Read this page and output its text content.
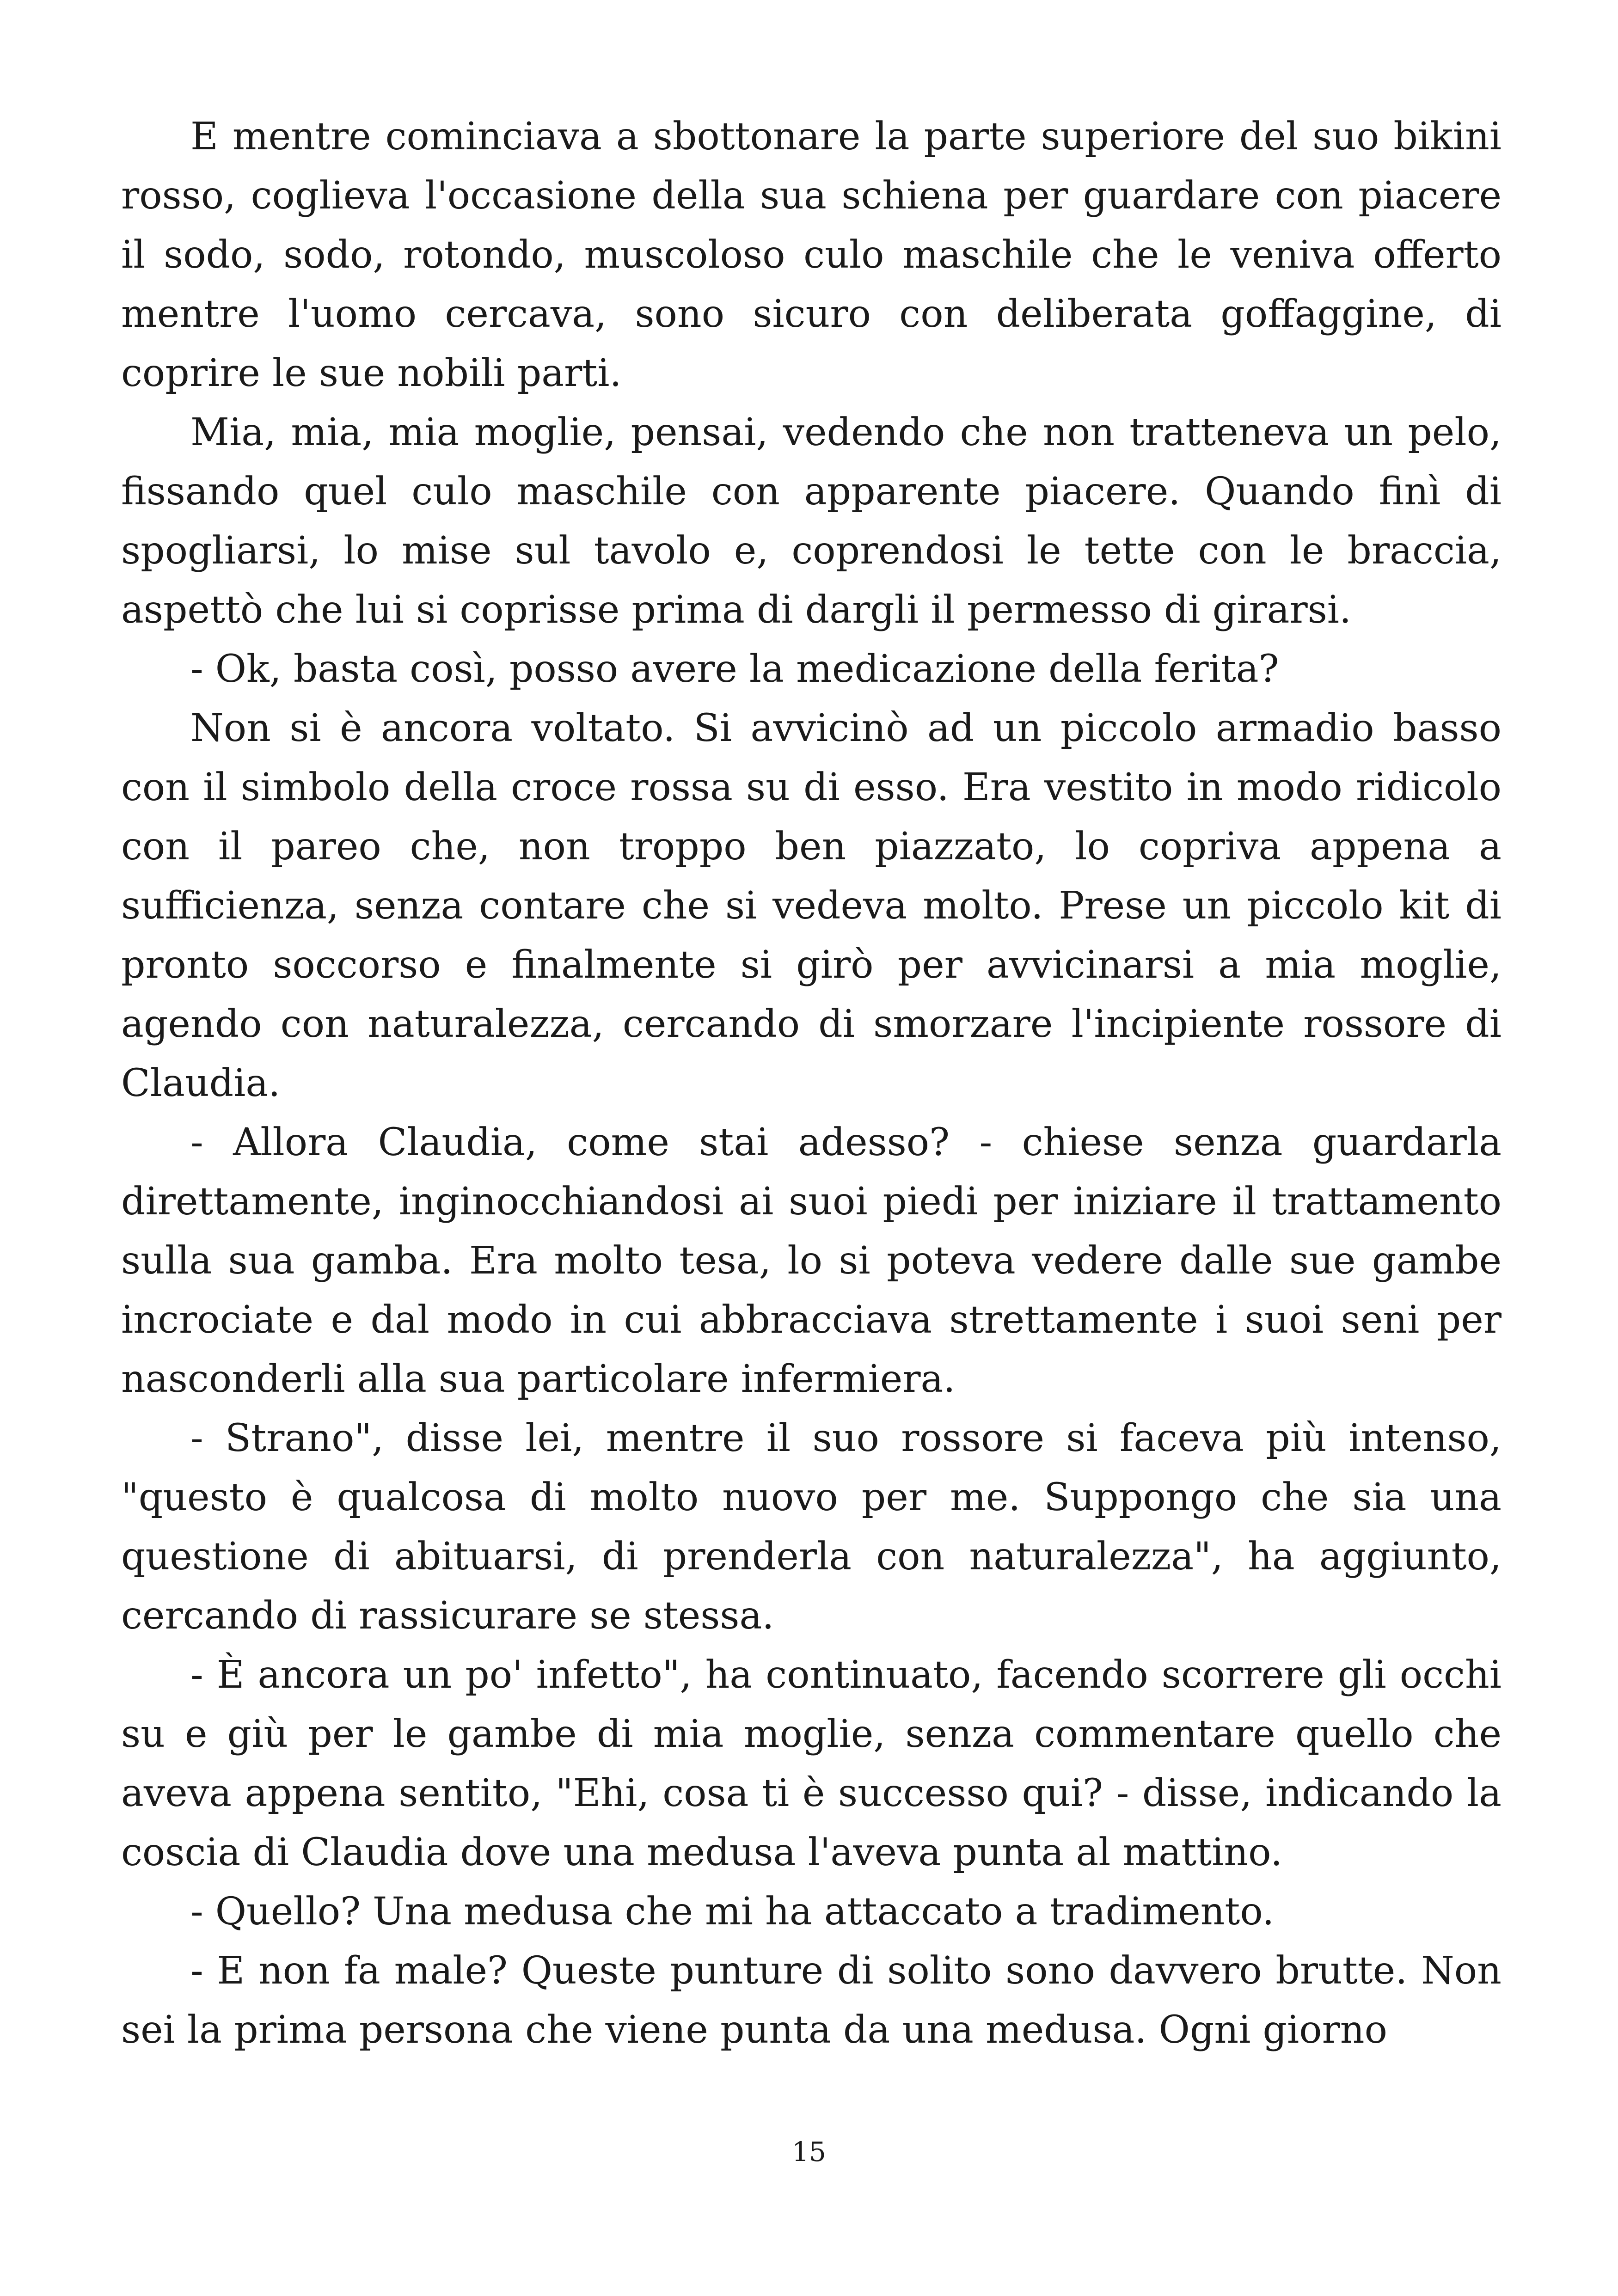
E mentre cominciava a sbottonare la parte superiore del suo bikini rosso, coglieva l'occasione della sua schiena per guardare con piacere il sodo, sodo, rotondo, muscoloso culo maschile che le veniva offerto mentre l'uomo cercava, sono sicuro con deliberata goffaggine, di coprire le sue nobili parti.

Mia, mia, mia moglie, pensai, vedendo che non tratteneva un pelo, fissando quel culo maschile con apparente piacere. Quando finì di spogliarsi, lo mise sul tavolo e, coprendosi le tette con le braccia, aspettò che lui si coprisse prima di dargli il permesso di girarsi.

- Ok, basta così, posso avere la medicazione della ferita?

Non si è ancora voltato. Si avvicinò ad un piccolo armadio basso con il simbolo della croce rossa su di esso. Era vestito in modo ridicolo con il pareo che, non troppo ben piazzato, lo copriva appena a sufficienza, senza contare che si vedeva molto. Prese un piccolo kit di pronto soccorso e finalmente si girò per avvicinarsi a mia moglie, agendo con naturalezza, cercando di smorzare l'incipiente rossore di Claudia.

- Allora Claudia, come stai adesso? - chiese senza guardarla direttamente, inginocchiandosi ai suoi piedi per iniziare il trattamento sulla sua gamba. Era molto tesa, lo si poteva vedere dalle sue gambe incrociate e dal modo in cui abbracciava strettamente i suoi seni per nasconderli alla sua particolare infermiera.

- Strano", disse lei, mentre il suo rossore si faceva più intenso, "questo è qualcosa di molto nuovo per me. Suppongo che sia una questione di abituarsi, di prenderla con naturalezza", ha aggiunto, cercando di rassicurare se stessa.

- È ancora un po' infetto", ha continuato, facendo scorrere gli occhi su e giù per le gambe di mia moglie, senza commentare quello che aveva appena sentito, "Ehi, cosa ti è successo qui? - disse, indicando la coscia di Claudia dove una medusa l'aveva punta al mattino.

- Quello? Una medusa che mi ha attaccato a tradimento.

- E non fa male? Queste punture di solito sono davvero brutte. Non sei la prima persona che viene punta da una medusa. Ogni giorno

15
